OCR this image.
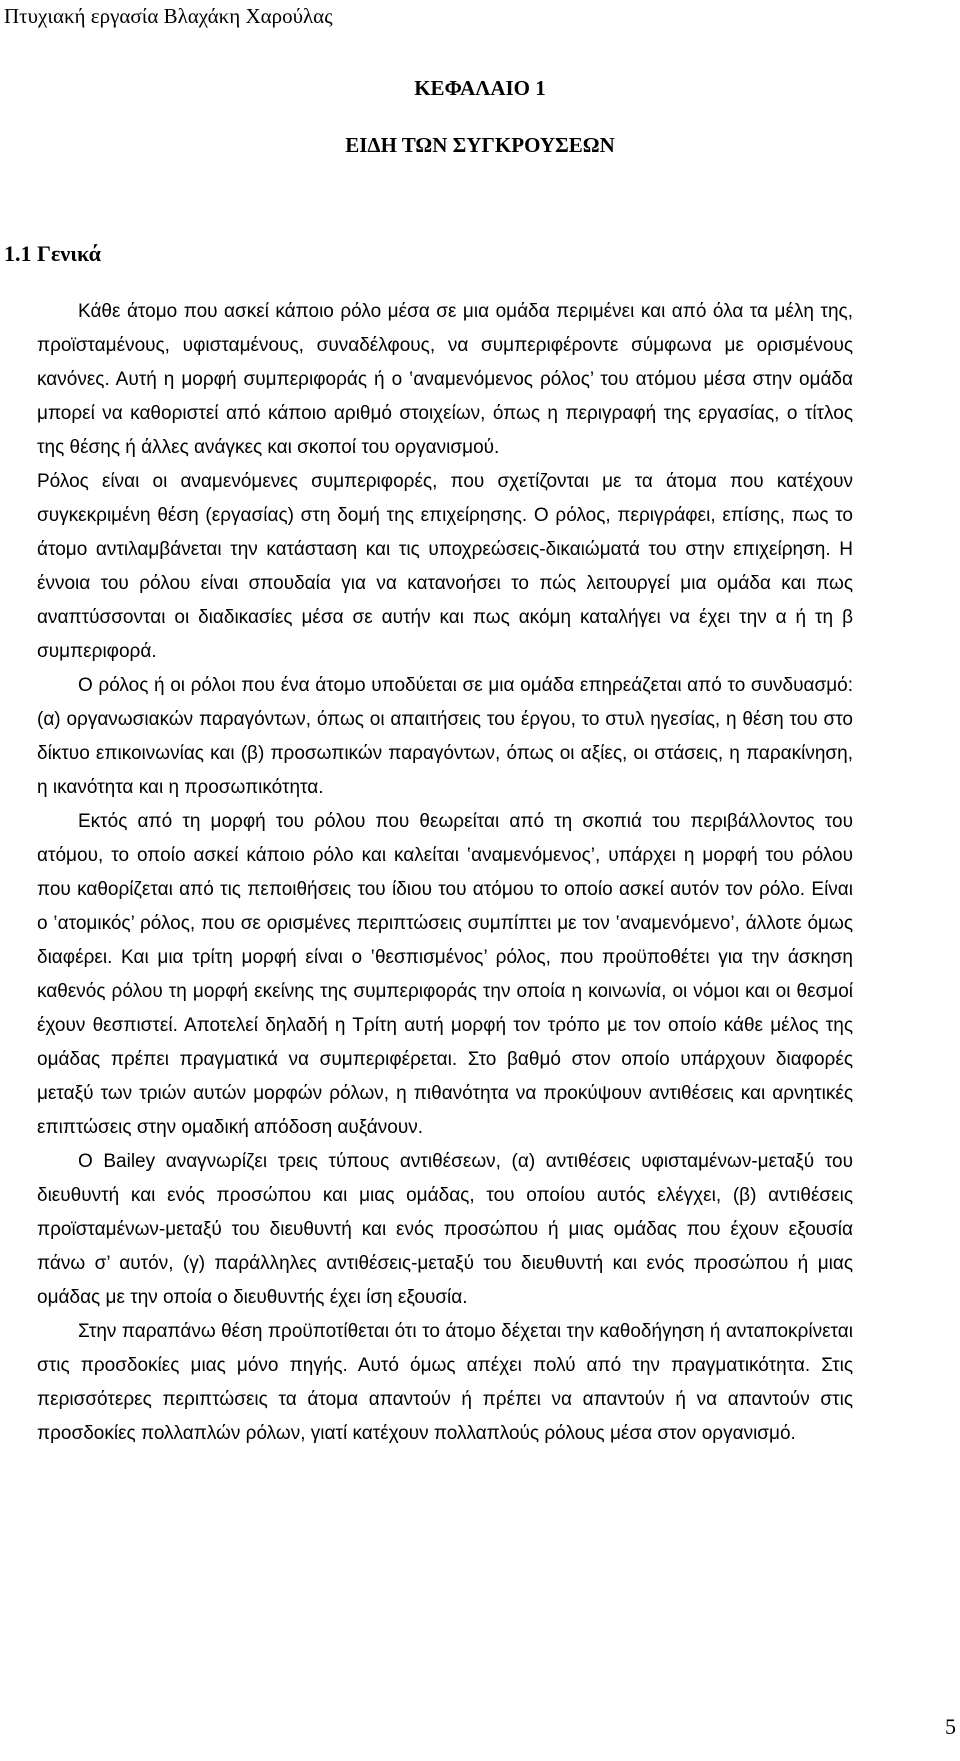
Πτυχιακή εργασία Βλαχάκη Χαρούλας
ΚΕΦΑΛΑΙΟ 1
ΕΙΔΗ ΤΩΝ ΣΥΓΚΡΟΥΣΕΩΝ
1.1 Γενικά

Κάθε άτομο που ασκεί κάποιο ρόλο μέσα σε μια ομάδα περιμένει και από όλα τα μέλη της, προϊσταμένους, υφισταμένους, συναδέλφους, να συμπεριφέροντε σύμφωνα με ορισμένους κανόνες. Αυτή η μορφή συμπεριφοράς ή ο ‛αναμενόμενος ρόλος’ του ατόμου μέσα στην ομάδα μπορεί να καθοριστεί από κάποιο αριθμό στοιχείων, όπως η περιγραφή της εργασίας, ο τίτλος της θέσης ή άλλες ανάγκες και σκοποί του οργανισμού.

Ρόλος είναι οι αναμενόμενες συμπεριφορές, που σχετίζονται με τα άτομα που κατέχουν συγκεκριμένη θέση (εργασίας) στη δομή της επιχείρησης. Ο ρόλος, περιγράφει, επίσης, πως το άτομο αντιλαμβάνεται την κατάσταση και τις υποχρεώσεις-δικαιώματά του στην επιχείρηση. Η έννοια του ρόλου είναι σπουδαία για να κατανοήσει το πώς λειτουργεί μια ομάδα και πως αναπτύσσονται οι διαδικασίες μέσα σε αυτήν και πως ακόμη καταλήγει να έχει την α ή τη β συμπεριφορά.

Ο ρόλος ή οι ρόλοι που ένα άτομο υποδύεται σε μια ομάδα επηρεάζεται από το συνδυασμό: (α) οργανωσιακών παραγόντων, όπως οι απαιτήσεις του έργου, το στυλ ηγεσίας, η θέση του στο δίκτυο επικοινωνίας και (β) προσωπικών παραγόντων, όπως οι αξίες, οι στάσεις, η παρακίνηση, η ικανότητα και η προσωπικότητα.

Εκτός από τη μορφή του ρόλου που θεωρείται από τη σκοπιά του περιβάλλοντος του ατόμου, το οποίο ασκεί κάποιο ρόλο και καλείται ‛αναμενόμενος’, υπάρχει η μορφή του ρόλου που καθορίζεται από τις πεποιθήσεις του ίδιου του ατόμου το οποίο ασκεί αυτόν τον ρόλο. Είναι ο ‛ατομικός’ ρόλος, που σε ορισμένες περιπτώσεις συμπίπτει με τον ‛αναμενόμενο’, άλλοτε όμως διαφέρει. Και μια τρίτη μορφή είναι ο ‛θεσπισμένος’ ρόλος, που προϋποθέτει για την άσκηση καθενός ρόλου τη μορφή εκείνης της συμπεριφοράς την οποία η κοινωνία, οι νόμοι και οι θεσμοί έχουν θεσπιστεί. Αποτελεί δηλαδή η Τρίτη αυτή μορφή τον τρόπο με τον οποίο κάθε μέλος της ομάδας πρέπει πραγματικά να συμπεριφέρεται. Στο βαθμό στον οποίο υπάρχουν διαφορές μεταξύ των τριών αυτών μορφών ρόλων, η πιθανότητα να προκύψουν αντιθέσεις και αρνητικές επιπτώσεις στην ομαδική απόδοση αυξάνουν.

Ο Bailey αναγνωρίζει τρεις τύπους αντιθέσεων, (α) αντιθέσεις υφισταμένων-μεταξύ του διευθυντή και ενός προσώπου και μιας ομάδας, του οποίου αυτός ελέγχει, (β) αντιθέσεις προϊσταμένων-μεταξύ του διευθυντή και ενός προσώπου ή μιας ομάδας που έχουν εξουσία πάνω σ’ αυτόν, (γ) παράλληλες αντιθέσεις-μεταξύ του διευθυντή και ενός προσώπου ή μιας ομάδας με την οποία ο διευθυντής έχει ίση εξουσία.

Στην παραπάνω θέση προϋποτίθεται ότι το άτομο δέχεται την καθοδήγηση ή ανταποκρίνεται στις προσδοκίες μιας μόνο πηγής. Αυτό όμως απέχει πολύ από την πραγματικότητα. Στις περισσότερες περιπτώσεις τα άτομα απαντούν ή πρέπει να απαντούν ή να απαντούν στις προσδοκίες πολλαπλών ρόλων, γιατί κατέχουν πολλαπλούς ρόλους μέσα στον οργανισμό.

5
